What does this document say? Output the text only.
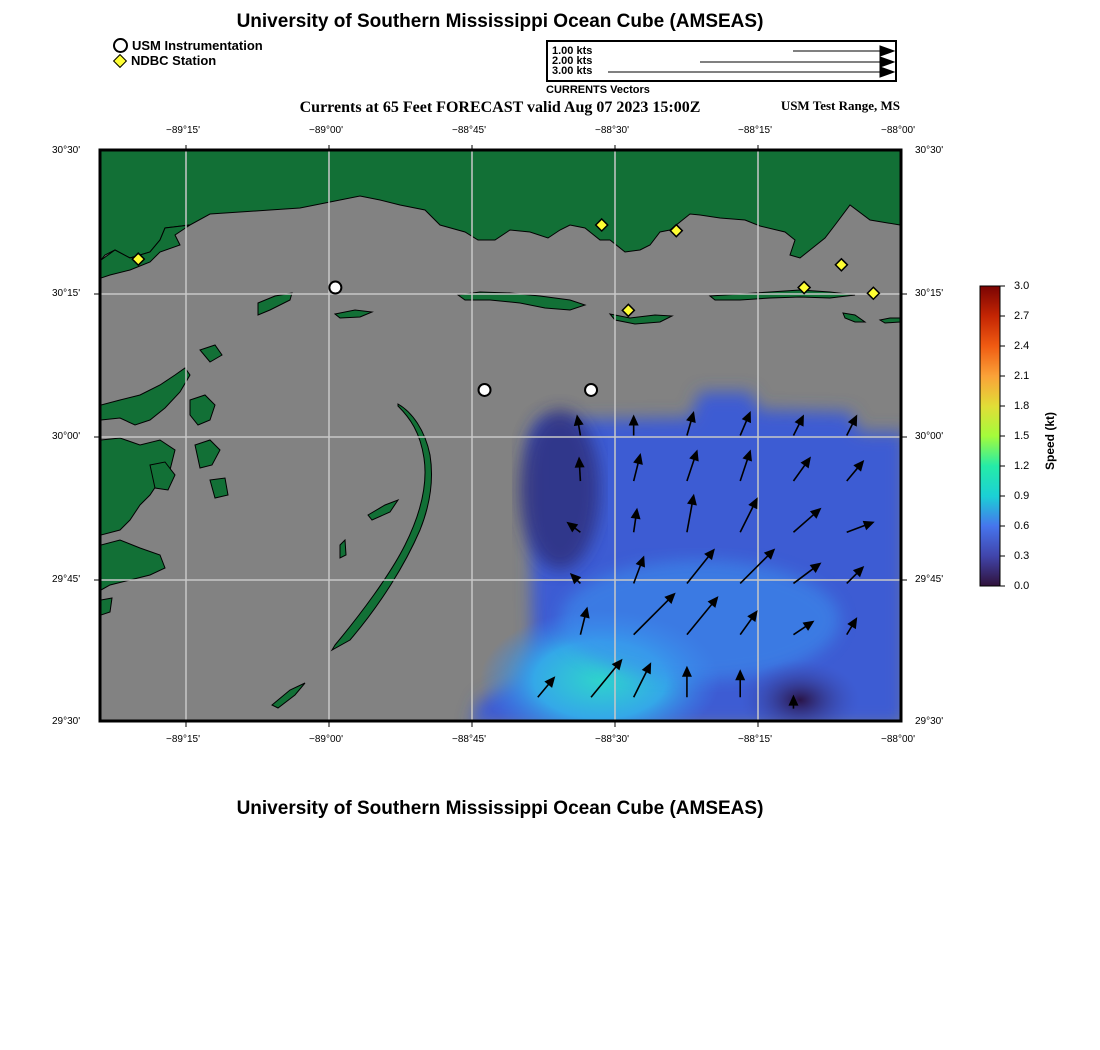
University of Southern Mississippi Ocean Cube (AMSEAS)
USM Instrumentation
NDBC Station
1.00 kts
2.00 kts
3.00 kts
CURRENTS Vectors
Currents at 65 Feet FORECAST valid Aug 07 2023 15:00Z	USM Test Range, MS
−89°15'	−89°00'	−88°45'	−88°30'	−88°15'	−88°00'
−89°15'	−89°00'	−88°45'	−88°30'	−88°15'	−88°00'
30°30'
30°15'
30°00'
29°45'
29°30'
30°30'
30°15'
30°00'
29°45'
29°30'
3.0
2.7
2.4
2.1
1.8
1.5
1.2
0.9
0.6
0.3
0.0
Speed (kt)
University of Southern Mississippi Ocean Cube (AMSEAS)
